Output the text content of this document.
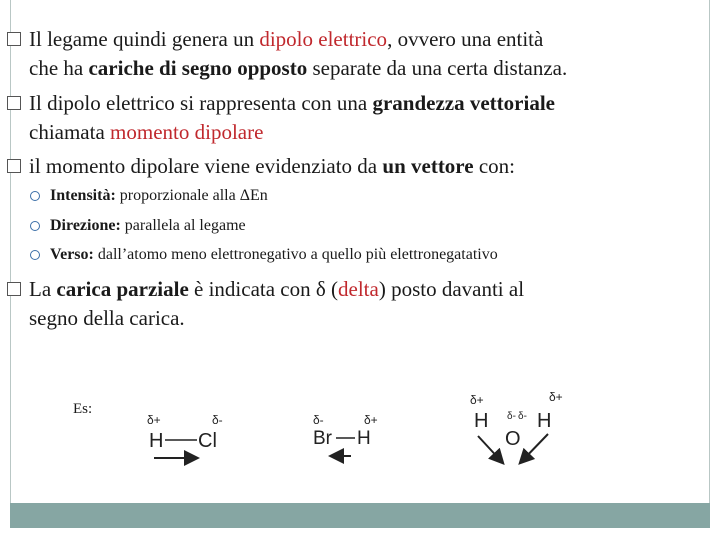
Il legame quindi genera un dipolo elettrico, ovvero una entità
che ha cariche di segno opposto separate da una certa distanza.
Il dipolo elettrico si rappresenta con una grandezza vettoriale
chiamata momento dipolare
il momento dipolare viene evidenziato da un vettore con:
Intensità: proporzionale alla ΔEn
Direzione: parallela al legame
Verso: dall’atomo meno elettronegativo a quello più elettronegatativo
La carica parziale è indicata con δ (delta) posto davanti al
segno della carica.
Es:
δ+	δ-
H Cl
δ-	δ+
Br H
δ+	δ+
H H
δ- δ-
O
